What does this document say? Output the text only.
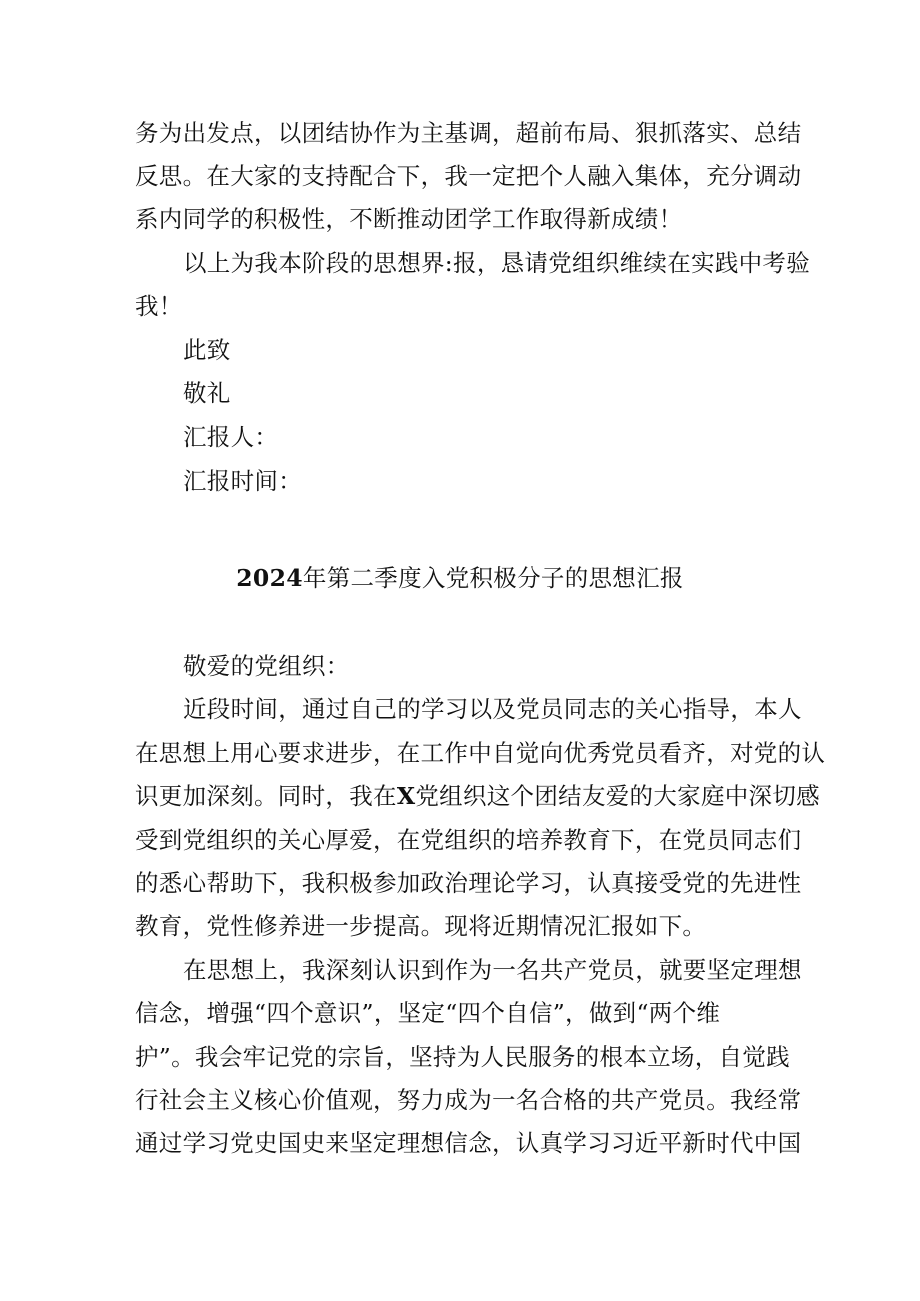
务为出发点，以团结协作为主基调，超前布局、狠抓落实、总结
反思。在大家的支持配合下，我一定把个人融入集体，充分调动
系内同学的积极性，不断推动团学工作取得新成绩！
以上为我本阶段的思想界:报，恳请党组织维续在实践中考验
我！
此致
敬礼
汇报人：
汇报时间：
2024年第二季度入党积极分子的思想汇报
敬爱的党组织：
近段时间，通过自己的学习以及党员同志的关心指导，本人
在思想上用心要求进步，在工作中自觉向优秀党员看齐，对党的认
识更加深刻。同时，我在X党组织这个团结友爱的大家庭中深切感
受到党组织的关心厚爱，在党组织的培养教育下，在党员同志们
的悉心帮助下，我积极参加政治理论学习，认真接受党的先进性
教育，党性修养进一步提高。现将近期情况汇报如下。
在思想上，我深刻认识到作为一名共产党员，就要坚定理想
信念，增强“四个意识”，坚定“四个自信”，做到“两个维
护”。我会牢记党的宗旨，坚持为人民服务的根本立场，自觉践
行社会主义核心价值观，努力成为一名合格的共产党员。我经常
通过学习党史国史来坚定理想信念，认真学习习近平新时代中国
